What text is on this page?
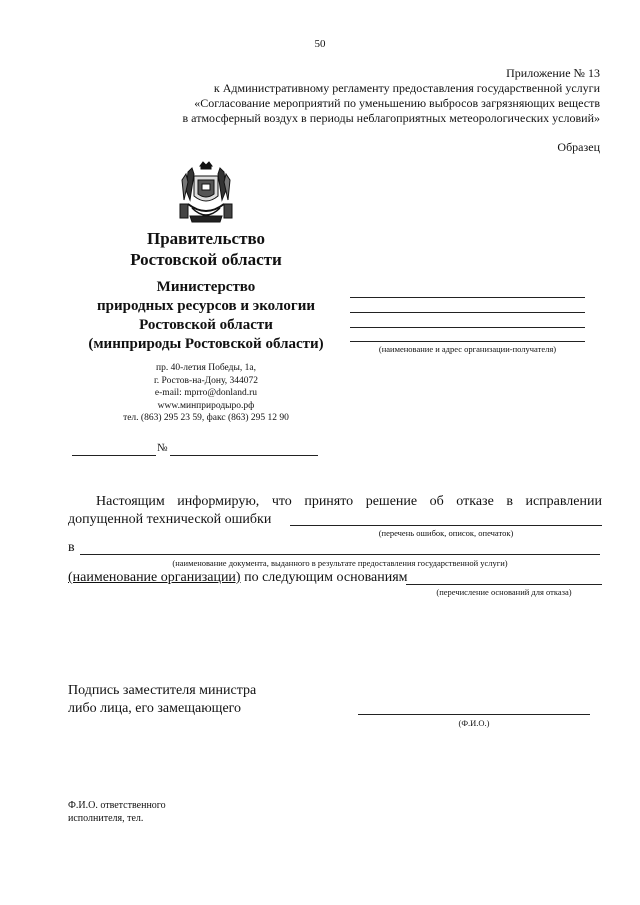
50
Приложение № 13
к Административному регламенту предоставления государственной услуги
«Согласование мероприятий по уменьшению выбросов загрязняющих веществ
в атмосферный воздух в периоды неблагоприятных метеорологических условий»
Образец
Правительство
Ростовской области
Министерство
природных ресурсов и экологии
Ростовской области
(минприроды Ростовской области)
пр. 40-летия Победы, 1а,
г. Ростов-на-Дону, 344072
e-mail: mprro@donland.ru
www.минприродыро.рф
тел. (863) 295 23 59, факс (863) 295 12 90
№
(наименование и адрес организации-получателя)
Настоящим информирую, что принято решение об отказе в исправлении
допущенной технической ошибки
(перечень ошибок, описок, опечаток)
в
(наименование документа, выданного в результате предоставления государственной услуги)
(наименование организации) по следующим основаниям
(перечисление оснований для отказа)
Подпись заместителя министра
либо лица, его замещающего
(Ф.И.О.)
Ф.И.О. ответственного
исполнителя, тел.
